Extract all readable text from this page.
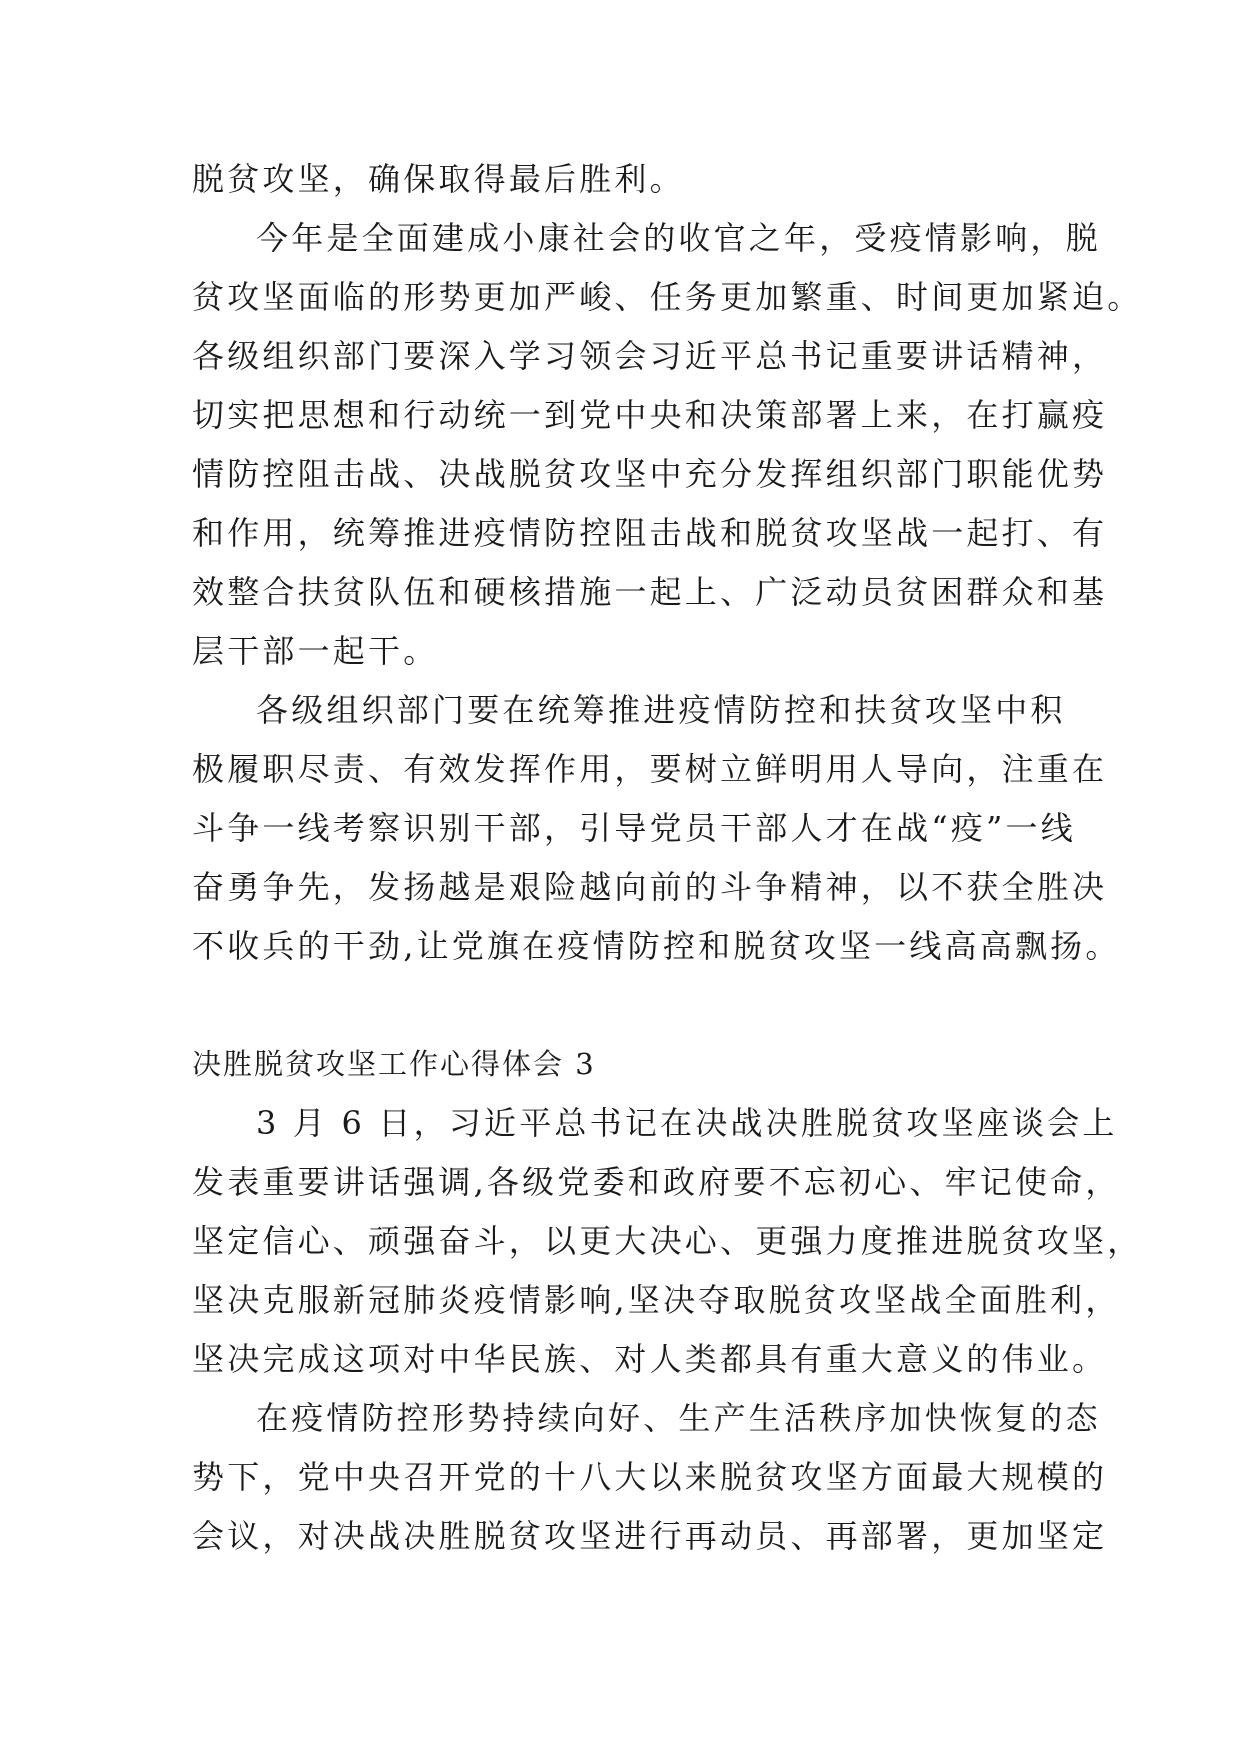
脱贫攻坚，确保取得最后胜利。
今年是全面建成小康社会的收官之年，受疫情影响，脱
贫攻坚面临的形势更加严峻、任务更加繁重、时间更加紧迫。
各级组织部门要深入学习领会习近平总书记重要讲话精神，
切实把思想和行动统一到党中央和决策部署上来，在打赢疫
情防控阻击战、决战脱贫攻坚中充分发挥组织部门职能优势
和作用，统筹推进疫情防控阻击战和脱贫攻坚战一起打、有
效整合扶贫队伍和硬核措施一起上、广泛动员贫困群众和基
层干部一起干。
各级组织部门要在统筹推进疫情防控和扶贫攻坚中积
极履职尽责、有效发挥作用，要树立鲜明用人导向，注重在
斗争一线考察识别干部，引导党员干部人才在战“疫”一线
奋勇争先，发扬越是艰险越向前的斗争精神，以不获全胜决
不收兵的干劲,让党旗在疫情防控和脱贫攻坚一线高高飘扬。
决胜脱贫攻坚工作心得体会 3
3 月 6 日，习近平总书记在决战决胜脱贫攻坚座谈会上
发表重要讲话强调,各级党委和政府要不忘初心、牢记使命，
坚定信心、顽强奋斗，以更大决心、更强力度推进脱贫攻坚，
坚决克服新冠肺炎疫情影响,坚决夺取脱贫攻坚战全面胜利，
坚决完成这项对中华民族、对人类都具有重大意义的伟业。
在疫情防控形势持续向好、生产生活秩序加快恢复的态
势下，党中央召开党的十八大以来脱贫攻坚方面最大规模的
会议，对决战决胜脱贫攻坚进行再动员、再部署，更加坚定
